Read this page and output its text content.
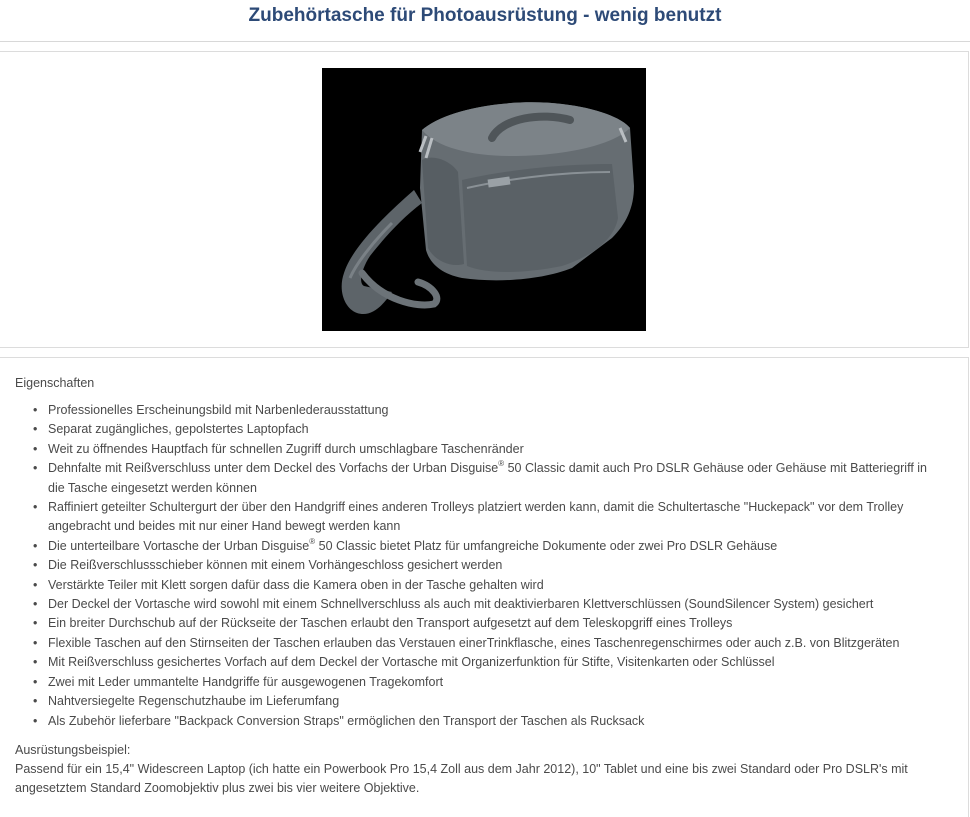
Zubehörtasche für Photoausrüstung - wenig benutzt

Eigenschaften

• Professionelles Erscheinungsbild mit Narbenlederausstattung
• Separat zugängliches, gepolstertes Laptopfach
• Weit zu öffnendes Hauptfach für schnellen Zugriff durch umschlagbare Taschenränder
• Dehnfalte mit Reißverschluss unter dem Deckel des Vorfachs der Urban Disguise® 50 Classic damit auch Pro DSLR Gehäuse oder Gehäuse mit Batteriegriff in die Tasche eingesetzt werden können
• Raffiniert geteilter Schultergurt der über den Handgriff eines anderen Trolleys platziert werden kann, damit die Schultertasche "Huckepack" vor dem Trolley angebracht und beides mit nur einer Hand bewegt werden kann
• Die unterteilbare Vortasche der Urban Disguise® 50 Classic bietet Platz für umfangreiche Dokumente oder zwei Pro DSLR Gehäuse
• Die Reißverschlussschieber können mit einem Vorhängeschloss gesichert werden
• Verstärkte Teiler mit Klett sorgen dafür dass die Kamera oben in der Tasche gehalten wird
• Der Deckel der Vortasche wird sowohl mit einem Schnellverschluss als auch mit deaktivierbaren Klettverschlüssen (SoundSilencer System) gesichert
• Ein breiter Durchschub auf der Rückseite der Taschen erlaubt den Transport aufgesetzt auf dem Teleskopgriff eines Trolleys
• Flexible Taschen auf den Stirnseiten der Taschen erlauben das Verstauen einerTrinkflasche, eines Taschenregenschirmes oder auch z.B. von Blitzgeräten
• Mit Reißverschluss gesichertes Vorfach auf dem Deckel der Vortasche mit Organizerfunktion für Stifte, Visitenkarten oder Schlüssel
• Zwei mit Leder ummantelte Handgriffe für ausgewogenen Tragekomfort
• Nahtversiegelte Regenschutzhaube im Lieferumfang
• Als Zubehör lieferbare "Backpack Conversion Straps" ermöglichen den Transport der Taschen als Rucksack

Ausrüstungsbeispiel:

Passend für ein 15,4" Widescreen Laptop (ich hatte ein Powerbook Pro 15,4 Zoll aus dem Jahr 2012), 10" Tablet und eine bis zwei Standard oder Pro DSLR's mit angesetztem Standard Zoomobjektiv plus zwei bis vier weitere Objektive.
